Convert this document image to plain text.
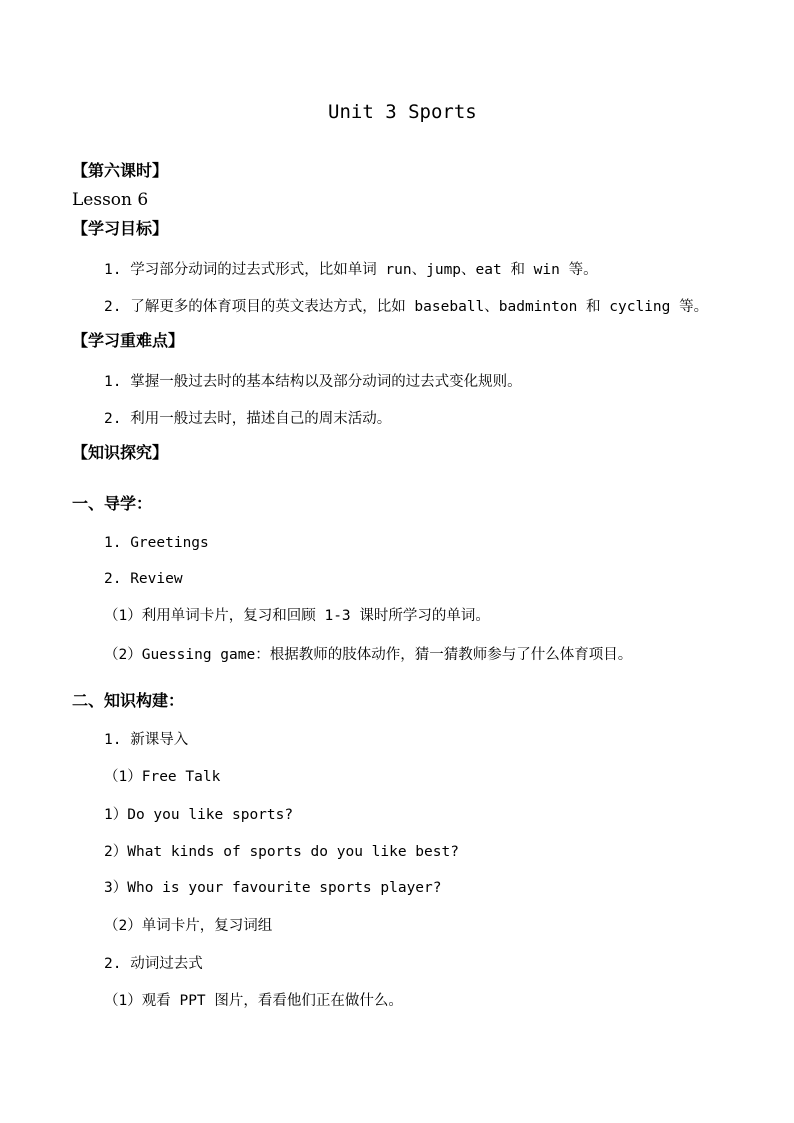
Unit 3 Sports
【第六课时】
Lesson 6
【学习目标】
1. 学习部分动词的过去式形式，比如单词 run、jump、eat 和 win 等。
2. 了解更多的体育项目的英文表达方式，比如 baseball、badminton 和 cycling 等。
【学习重难点】
1. 掌握一般过去时的基本结构以及部分动词的过去式变化规则。
2. 利用一般过去时，描述自己的周末活动。
【知识探究】
一、导学：
1. Greetings
2. Review
（1）利用单词卡片，复习和回顾 1-3 课时所学习的单词。
（2）Guessing game：根据教师的肢体动作，猜一猜教师参与了什么体育项目。
二、知识构建：
1. 新课导入
（1）Free Talk
1）Do you like sports?
2）What kinds of sports do you like best?
3）Who is your favourite sports player?
（2）单词卡片，复习词组
2. 动词过去式
（1）观看 PPT 图片，看看他们正在做什么。
